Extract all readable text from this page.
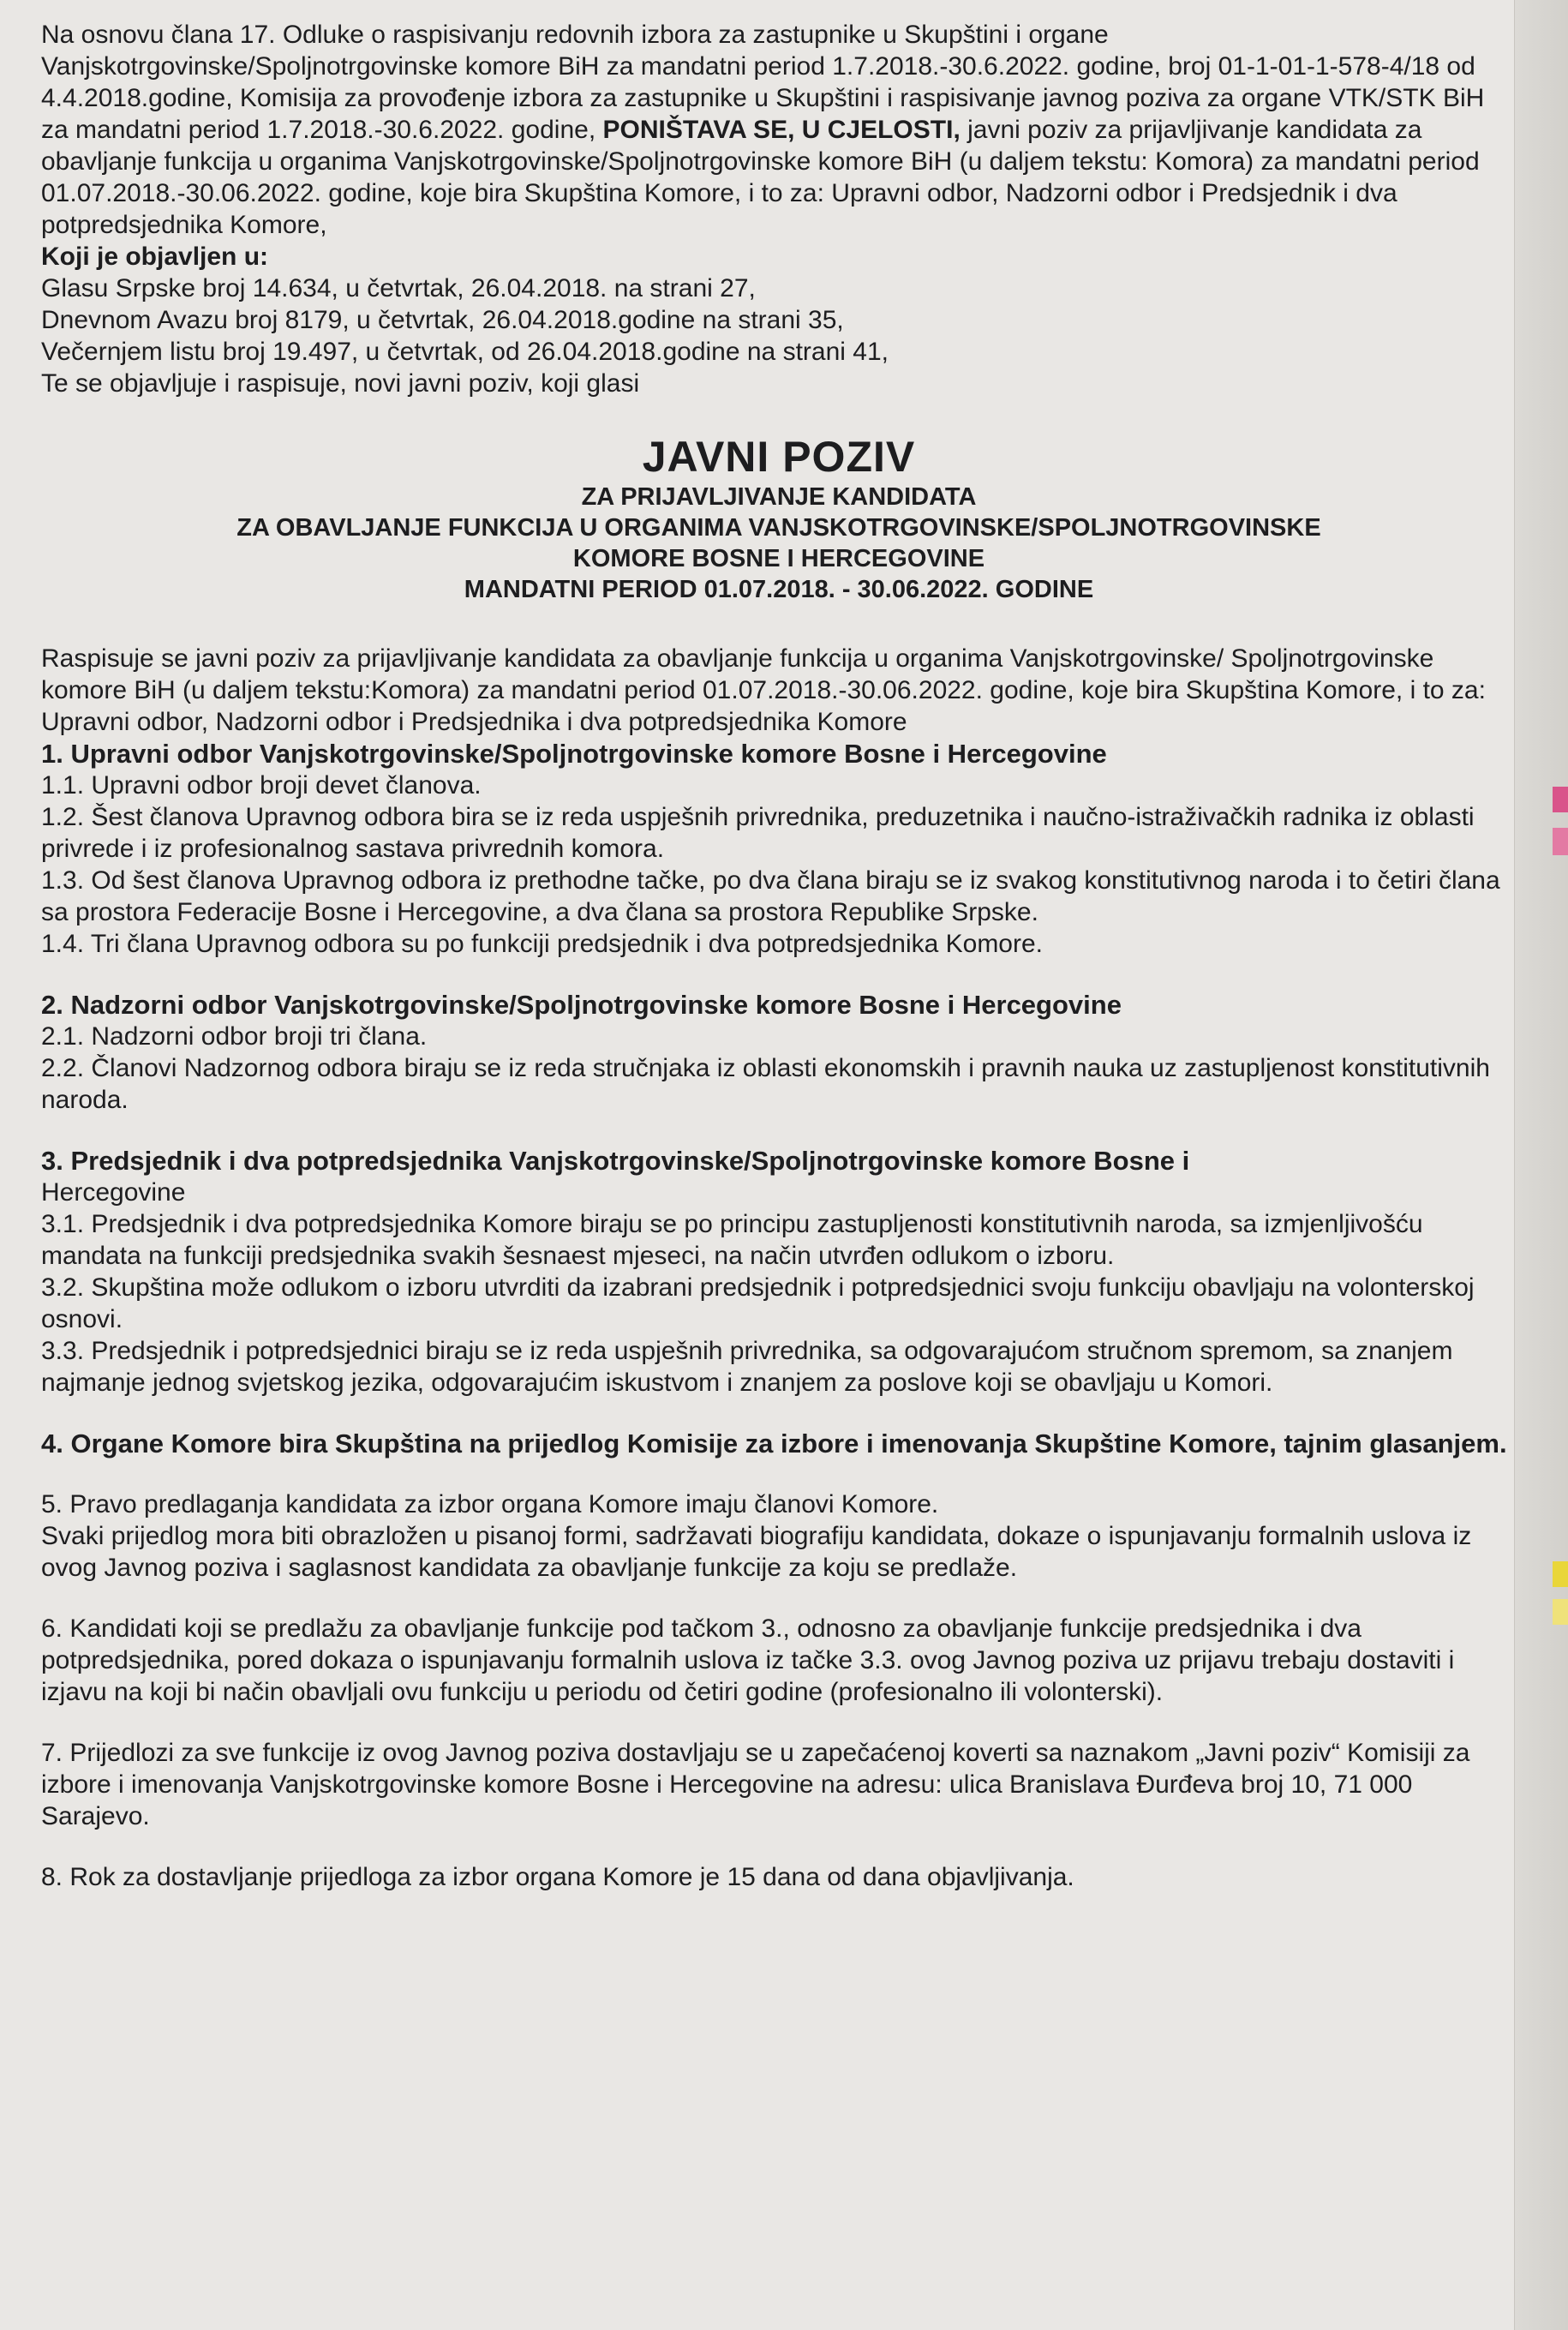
Na osnovu člana 17. Odluke o raspisivanju redovnih izbora za zastupnike u Skupštini i organe Vanjskotrgovinske/Spoljnotrgovinske komore BiH za mandatni period 1.7.2018.-30.6.2022. godine, broj 01-1-01-1-578-4/18 od 4.4.2018.godine, Komisija za provođenje izbora za zastupnike u Skupštini i raspisivanje javnog poziva za organe VTK/STK BiH za mandatni period 1.7.2018.-30.6.2022. godine, PONIŠTAVA SE, U CJELOSTI, javni poziv za prijavljivanje kandidata za obavljanje funkcija u organima Vanjskotrgovinske/Spoljnotrgovinske komore BiH (u daljem tekstu: Komora) za mandatni period 01.07.2018.-30.06.2022. godine, koje bira Skupština Komore, i to za: Upravni odbor, Nadzorni odbor i Predsjednik i dva potpredsjednika Komore,

Koji je objavljen u:

Glasu Srpske broj 14.634, u četvrtak, 26.04.2018. na strani 27,
Dnevnom Avazu broj 8179, u četvrtak, 26.04.2018.godine na strani 35,
Večernjem listu broj 19.497, u četvrtak, od 26.04.2018.godine na strani 41,
Te se objavljuje i raspisuje, novi javni poziv, koji glasi
JAVNI POZIV
ZA PRIJAVLJIVANJE KANDIDATA
ZA OBAVLJANJE FUNKCIJA U ORGANIMA VANJSKOTRGOVINSKE/SPOLJNOTRGOVINSKE
KOMORE BOSNE I HERCEGOVINE
MANDATNI PERIOD 01.07.2018. - 30.06.2022. GODINE

Raspisuje se javni poziv za prijavljivanje kandidata za obavljanje funkcija u organima Vanjskotrgovinske/ Spoljnotrgovinske komore BiH (u daljem tekstu:Komora) za mandatni period 01.07.2018.-30.06.2022. godine, koje bira Skupština Komore, i to za: Upravni odbor, Nadzorni odbor i Predsjednika i dva potpredsjednika Komore

1. Upravni odbor Vanjskotrgovinske/Spoljnotrgovinske komore Bosne i Hercegovine
1.1. Upravni odbor broji devet članova.
1.2. Šest članova Upravnog odbora bira se iz reda uspješnih privrednika, preduzetnika i naučno-istraživačkih radnika iz oblasti privrede i iz profesionalnog sastava privrednih komora.
1.3. Od šest članova Upravnog odbora iz prethodne tačke, po dva člana biraju se iz svakog konstitutivnog naroda i to četiri člana sa prostora Federacije Bosne i Hercegovine, a dva člana sa prostora Republike Srpske.
1.4. Tri člana Upravnog odbora su po funkciji predsjednik i dva potpredsjednika Komore.
2. Nadzorni odbor Vanjskotrgovinske/Spoljnotrgovinske komore Bosne i Hercegovine
2.1. Nadzorni odbor broji tri člana.
2.2. Članovi Nadzornog odbora biraju se iz reda stručnjaka iz oblasti ekonomskih i pravnih nauka uz zastupljenost konstitutivnih naroda.
3. Predsjednik i dva potpredsjednika Vanjskotrgovinske/Spoljnotrgovinske komore Bosne i
Hercegovine
3.1. Predsjednik i dva potpredsjednika Komore biraju se po principu zastupljenosti konstitutivnih naroda, sa izmjenljivošću mandata na funkciji predsjednika svakih šesnaest mjeseci, na način utvrđen odlukom o izboru.
3.2. Skupština može odlukom o izboru utvrditi da izabrani predsjednik i potpredsjednici svoju funkciju obavljaju na volonterskoj osnovi.
3.3. Predsjednik i potpredsjednici biraju se iz reda uspješnih privrednika, sa odgovarajućom stručnom spremom, sa znanjem najmanje jednog svjetskog jezika, odgovarajućim iskustvom i znanjem za poslove koji se obavljaju u Komori.
4. Organe Komore bira Skupština na prijedlog Komisije za izbore i imenovanja Skupštine Komore, tajnim glasanjem.
5. Pravo predlaganja kandidata za izbor organa Komore imaju članovi Komore.
Svaki prijedlog mora biti obrazložen u pisanoj formi, sadržavati biografiju kandidata, dokaze o ispunjavanju formalnih uslova iz ovog Javnog poziva i saglasnost kandidata za obavljanje funkcije za koju se predlaže.

6. Kandidati koji se predlažu za obavljanje funkcije pod tačkom 3., odnosno za obavljanje funkcije predsjednika i dva potpredsjednika, pored dokaza o ispunjavanju formalnih uslova iz tačke 3.3. ovog Javnog poziva uz prijavu trebaju dostaviti i izjavu na koji bi način obavljali ovu funkciju u periodu od četiri godine (profesionalno ili volonterski).

7. Prijedlozi za sve funkcije iz ovog Javnog poziva dostavljaju se u zapečaćenoj koverti sa naznakom „Javni poziv“ Komisiji za izbore i imenovanja Vanjskotrgovinske komore Bosne i Hercegovine na adresu: ulica Branislava Đurđeva broj 10, 71 000 Sarajevo.

8. Rok za dostavljanje prijedloga za izbor organa Komore je 15 dana od dana objavljivanja.
